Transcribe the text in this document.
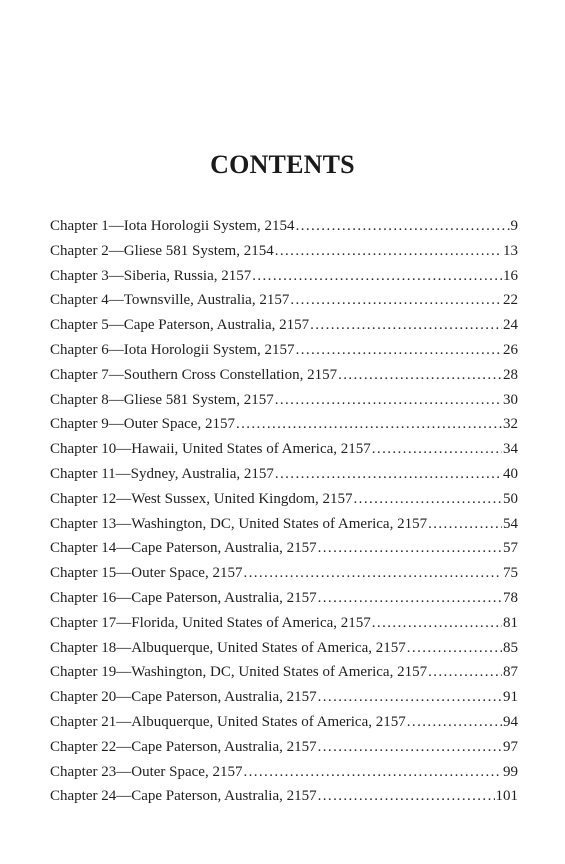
CONTENTS
Chapter 1—Iota Horologii System, 2154 .....	9
Chapter 2—Gliese 581 System, 2154 .....	13
Chapter 3—Siberia, Russia, 2157 .....	16
Chapter 4—Townsville, Australia, 2157 .....	22
Chapter 5—Cape Paterson, Australia, 2157 .....	24
Chapter 6—Iota Horologii System, 2157 .....	26
Chapter 7—Southern Cross Constellation, 2157 .....	28
Chapter 8—Gliese 581 System, 2157 .....	30
Chapter 9—Outer Space, 2157 .....	32
Chapter 10—Hawaii, United States of America, 2157 .....	34
Chapter 11—Sydney, Australia, 2157 .....	40
Chapter 12—West Sussex, United Kingdom, 2157 .....	50
Chapter 13—Washington, DC, United States of America, 2157 .....	54
Chapter 14—Cape Paterson, Australia, 2157 .....	57
Chapter 15—Outer Space, 2157 .....	75
Chapter 16—Cape Paterson, Australia, 2157 .....	78
Chapter 17—Florida, United States of America, 2157 .....	81
Chapter 18—Albuquerque, United States of America, 2157 .....	85
Chapter 19—Washington, DC, United States of America, 2157 .....	87
Chapter 20—Cape Paterson, Australia, 2157 .....	91
Chapter 21—Albuquerque, United States of America, 2157 .....	94
Chapter 22—Cape Paterson, Australia, 2157 .....	97
Chapter 23—Outer Space, 2157 .....	99
Chapter 24—Cape Paterson, Australia, 2157 .....	101
